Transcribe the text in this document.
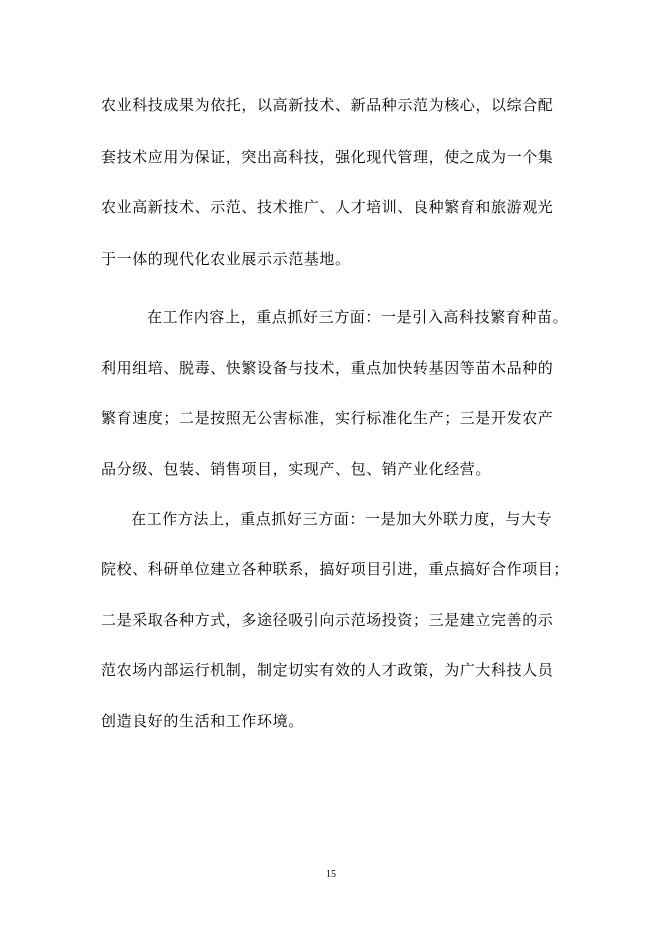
农业科技成果为依托，以高新技术、新品种示范为核心，以综合配

套技术应用为保证，突出高科技，强化现代管理，使之成为一个集

农业高新技术、示范、技术推广、人才培训、良种繁育和旅游观光

于一体的现代化农业展示示范基地。

在工作内容上，重点抓好三方面：一是引入高科技繁育种苗。

利用组培、脱毒、快繁设备与技术，重点加快转基因等苗木品种的

繁育速度；二是按照无公害标准，实行标准化生产；三是开发农产

品分级、包装、销售项目，实现产、包、销产业化经营。

在工作方法上，重点抓好三方面：一是加大外联力度，与大专

院校、科研单位建立各种联系，搞好项目引进，重点搞好合作项目；

二是采取各种方式，多途径吸引向示范场投资；三是建立完善的示

范农场内部运行机制，制定切实有效的人才政策，为广大科技人员

创造良好的生活和工作环境。

15
